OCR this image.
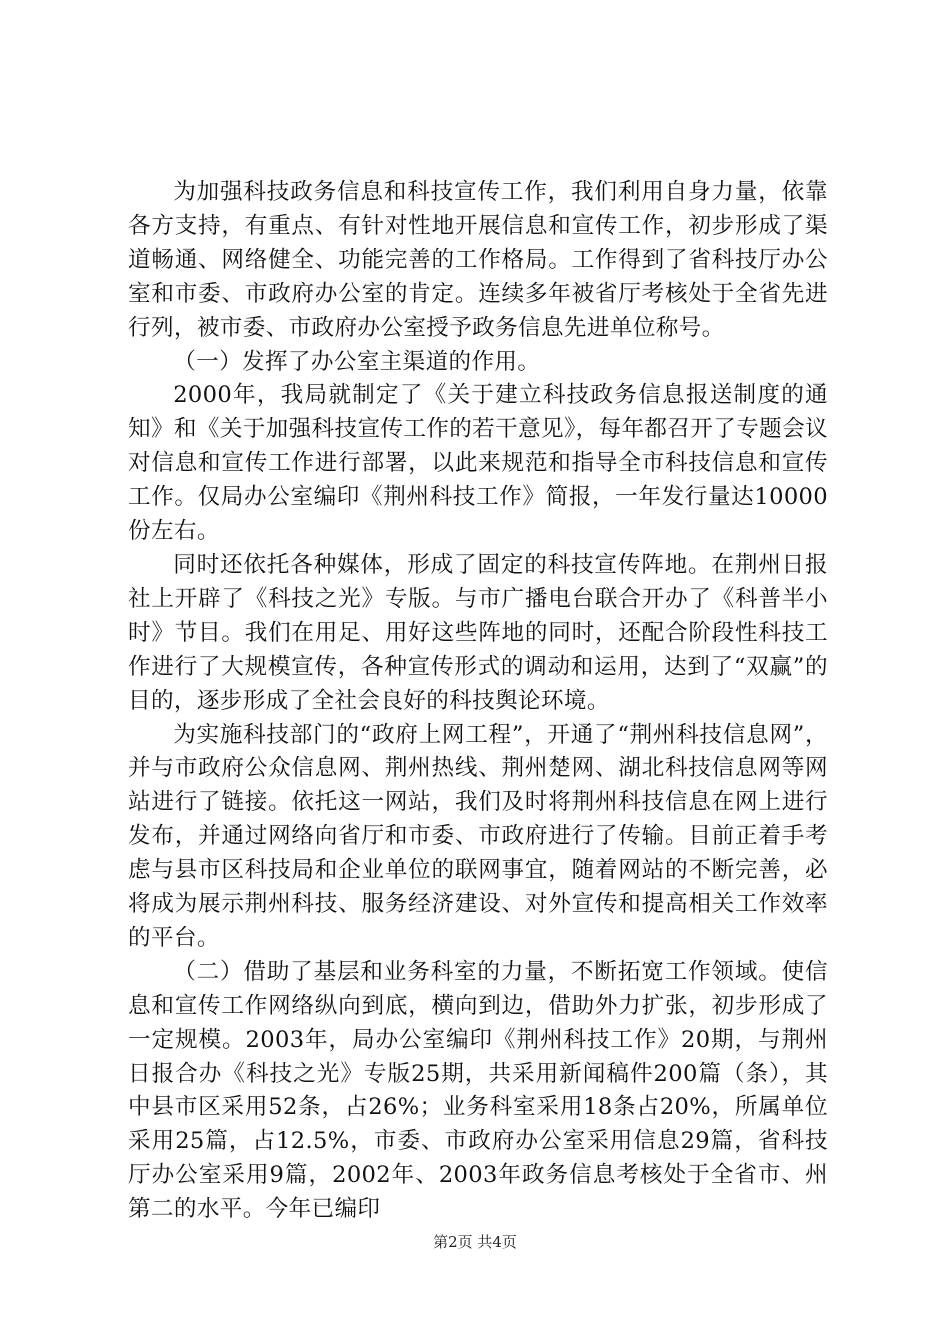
为加强科技政务信息和科技宣传工作，我们利用自身力量，依靠各方支持，有重点、有针对性地开展信息和宣传工作，初步形成了渠道畅通、网络健全、功能完善的工作格局。工作得到了省科技厅办公室和市委、市政府办公室的肯定。连续多年被省厅考核处于全省先进行列，被市委、市政府办公室授予政务信息先进单位称号。

（一）发挥了办公室主渠道的作用。

2000年，我局就制定了《关于建立科技政务信息报送制度的通知》和《关于加强科技宣传工作的若干意见》，每年都召开了专题会议对信息和宣传工作进行部署，以此来规范和指导全市科技信息和宣传工作。仅局办公室编印《荆州科技工作》简报，一年发行量达10000份左右。

同时还依托各种媒体，形成了固定的科技宣传阵地。在荆州日报社上开辟了《科技之光》专版。与市广播电台联合开办了《科普半小时》节目。我们在用足、用好这些阵地的同时，还配合阶段性科技工作进行了大规模宣传，各种宣传形式的调动和运用，达到了“双赢”的目的，逐步形成了全社会良好的科技舆论环境。

为实施科技部门的“政府上网工程”，开通了“荆州科技信息网”，并与市政府公众信息网、荆州热线、荆州楚网、湖北科技信息网等网站进行了链接。依托这一网站，我们及时将荆州科技信息在网上进行发布，并通过网络向省厅和市委、市政府进行了传输。目前正着手考虑与县市区科技局和企业单位的联网事宜，随着网站的不断完善，必将成为展示荆州科技、服务经济建设、对外宣传和提高相关工作效率的平台。

（二）借助了基层和业务科室的力量，不断拓宽工作领域。使信息和宣传工作网络纵向到底，横向到边，借助外力扩张，初步形成了一定规模。2003年，局办公室编印《荆州科技工作》20期，与荆州日报合办《科技之光》专版25期，共采用新闻稿件200篇（条），其中县市区采用52条，占26%；业务科室采用18条占20%，所属单位采用25篇，占12.5%，市委、市政府办公室采用信息29篇，省科技厅办公室采用9篇，2002年、2003年政务信息考核处于全省市、州第二的水平。今年已编印

第2页 共4页
